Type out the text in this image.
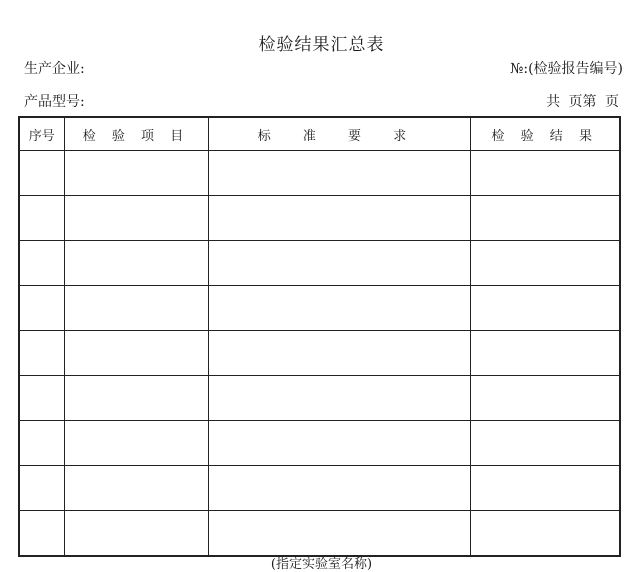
检验结果汇总表
生产企业:	№:(检验报告编号)
产品型号:	共 页第 页
序号	检 验 项 目	标 准 要 求	检 验 结 果

(指定实验室名称)
